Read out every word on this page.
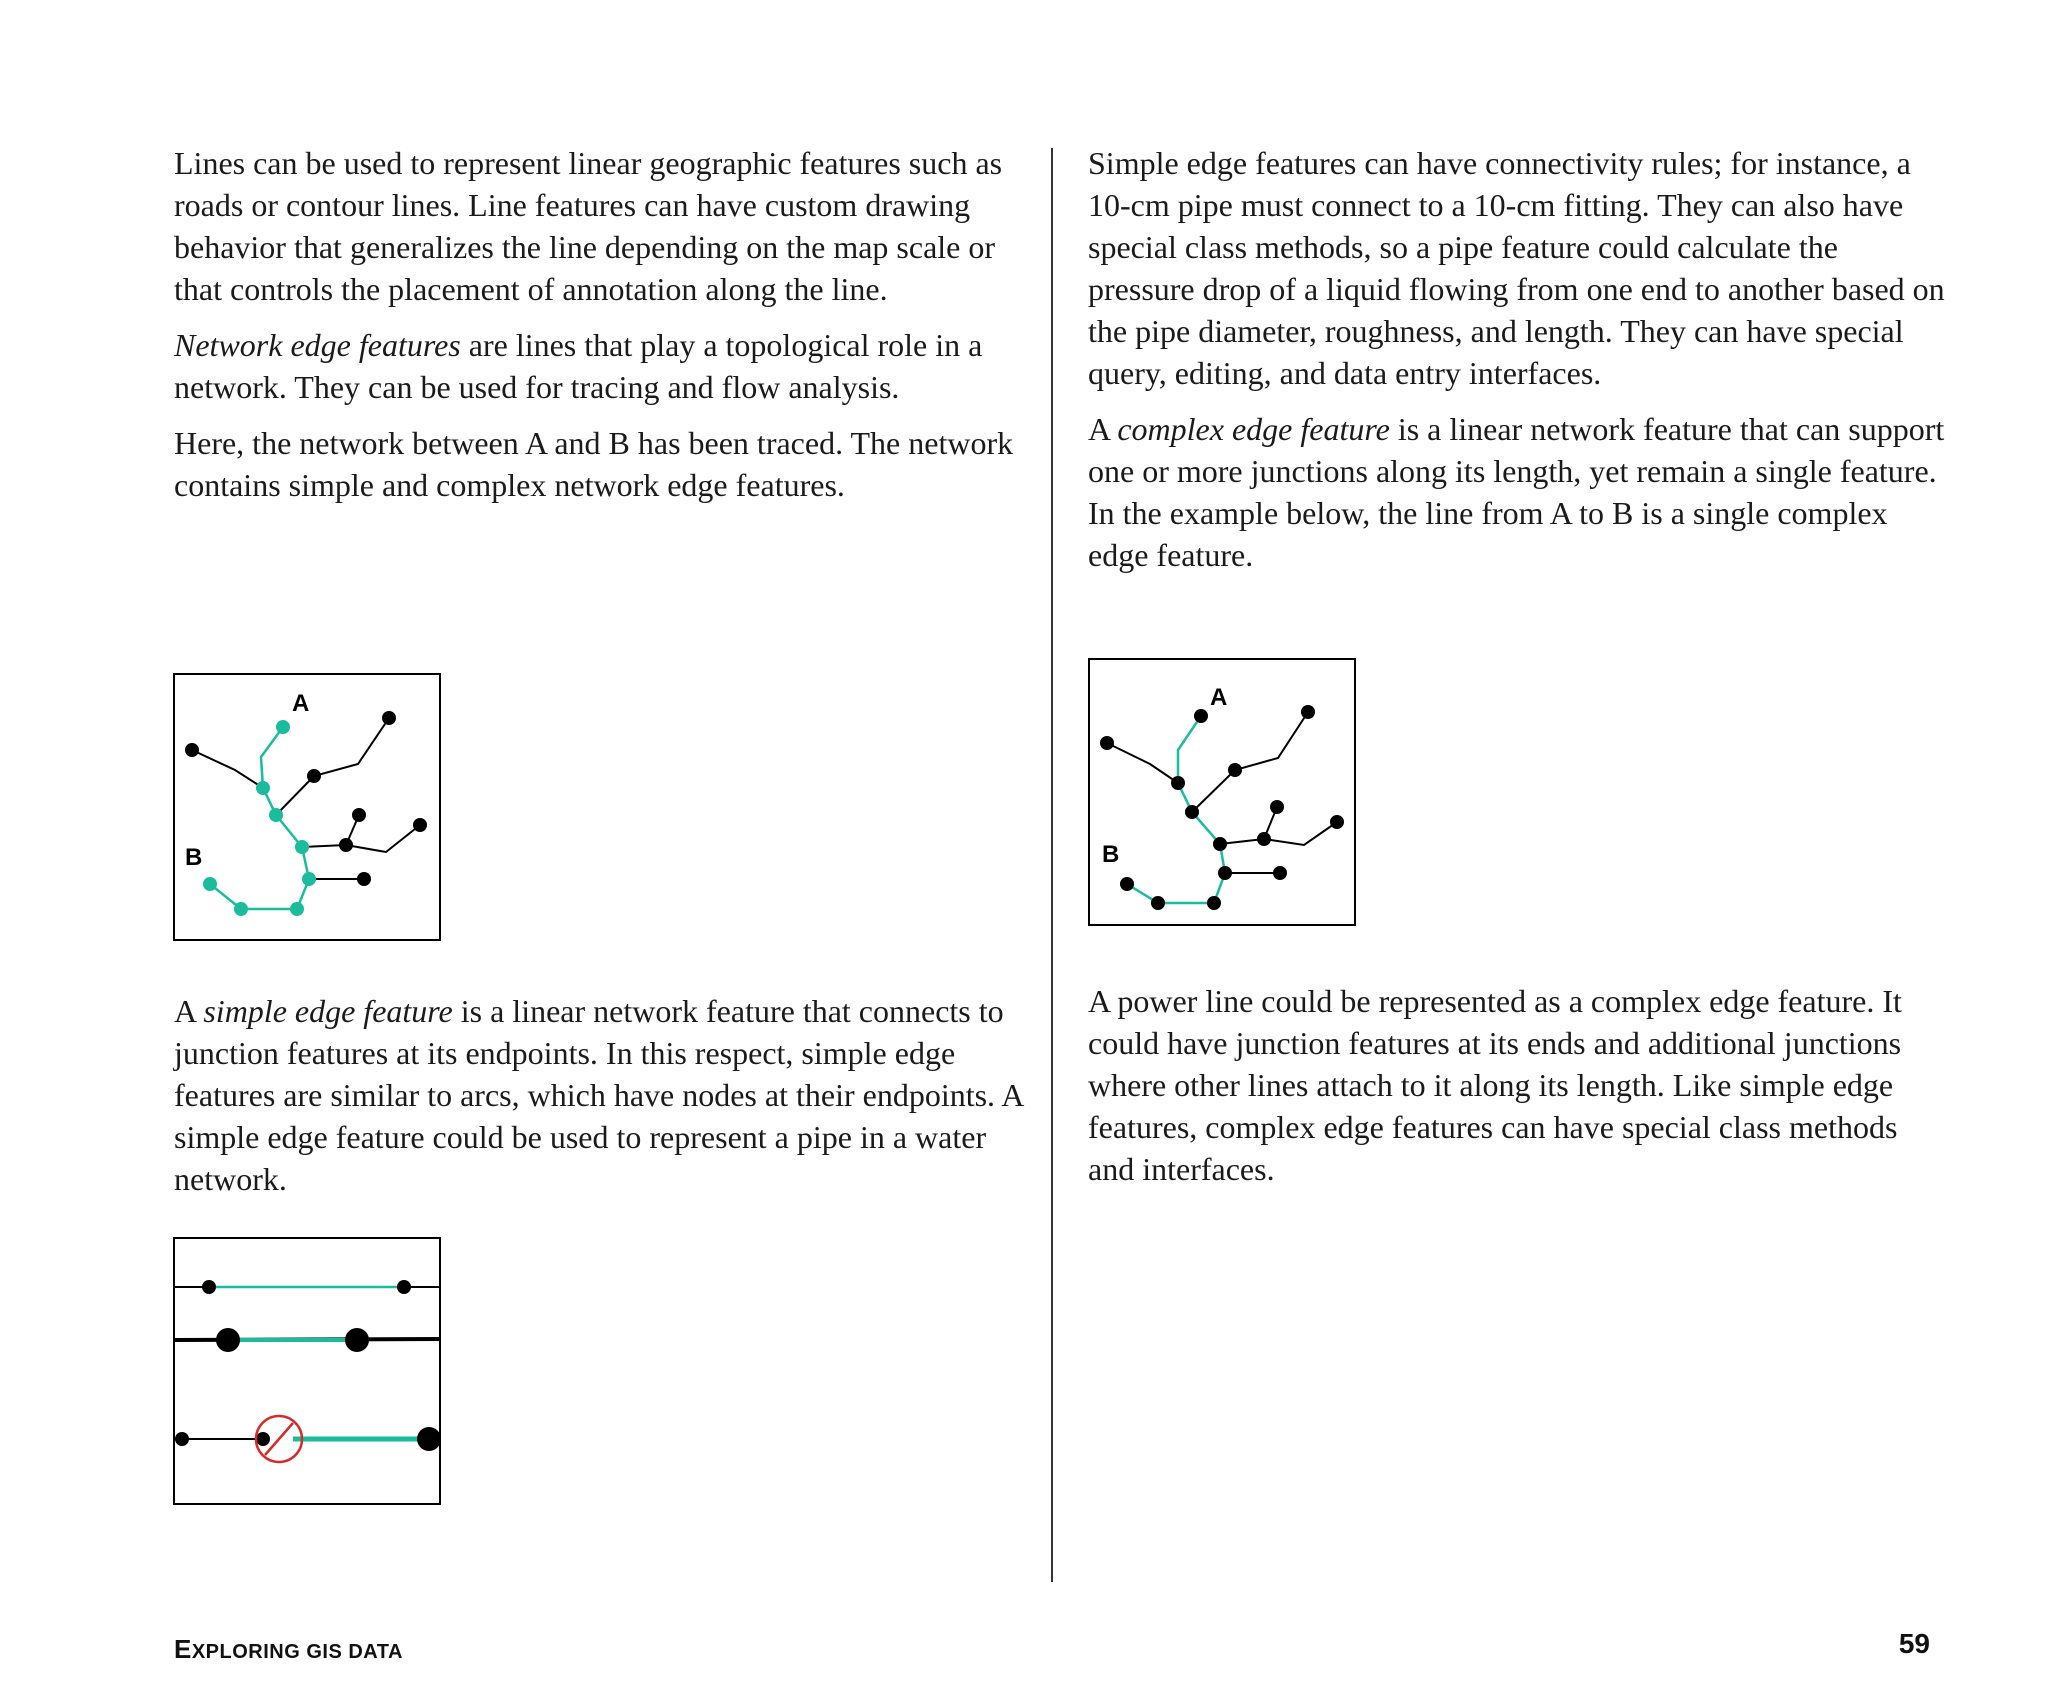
Lines can be used to represent linear geographic features such as roads or contour lines. Line features can have custom drawing behavior that generalizes the line depending on the map scale or that controls the placement of annotation along the line.

Network edge features are lines that play a topological role in a network. They can be used for tracing and flow analysis.

Here, the network between A and B has been traced. The network contains simple and complex network edge features.

A
B

A simple edge feature is a linear network feature that connects to junction features at its endpoints. In this respect, simple edge features are similar to arcs, which have nodes at their endpoints. A simple edge feature could be used to represent a pipe in a water network.

Simple edge features can have connectivity rules; for instance, a 10-cm pipe must connect to a 10-cm fitting. They can also have special class methods, so a pipe feature could calculate the pressure drop of a liquid flowing from one end to another based on the pipe diameter, roughness, and length. They can have special query, editing, and data entry interfaces.

A complex edge feature is a linear network feature that can support one or more junctions along its length, yet remain a single feature. In the example below, the line from A to B is a single complex edge feature.

A
B

A power line could be represented as a complex edge feature. It could have junction features at its ends and additional junctions where other lines attach to it along its length. Like simple edge features, complex edge features can have special class methods and interfaces.

EXPLORING GIS DATA	59
